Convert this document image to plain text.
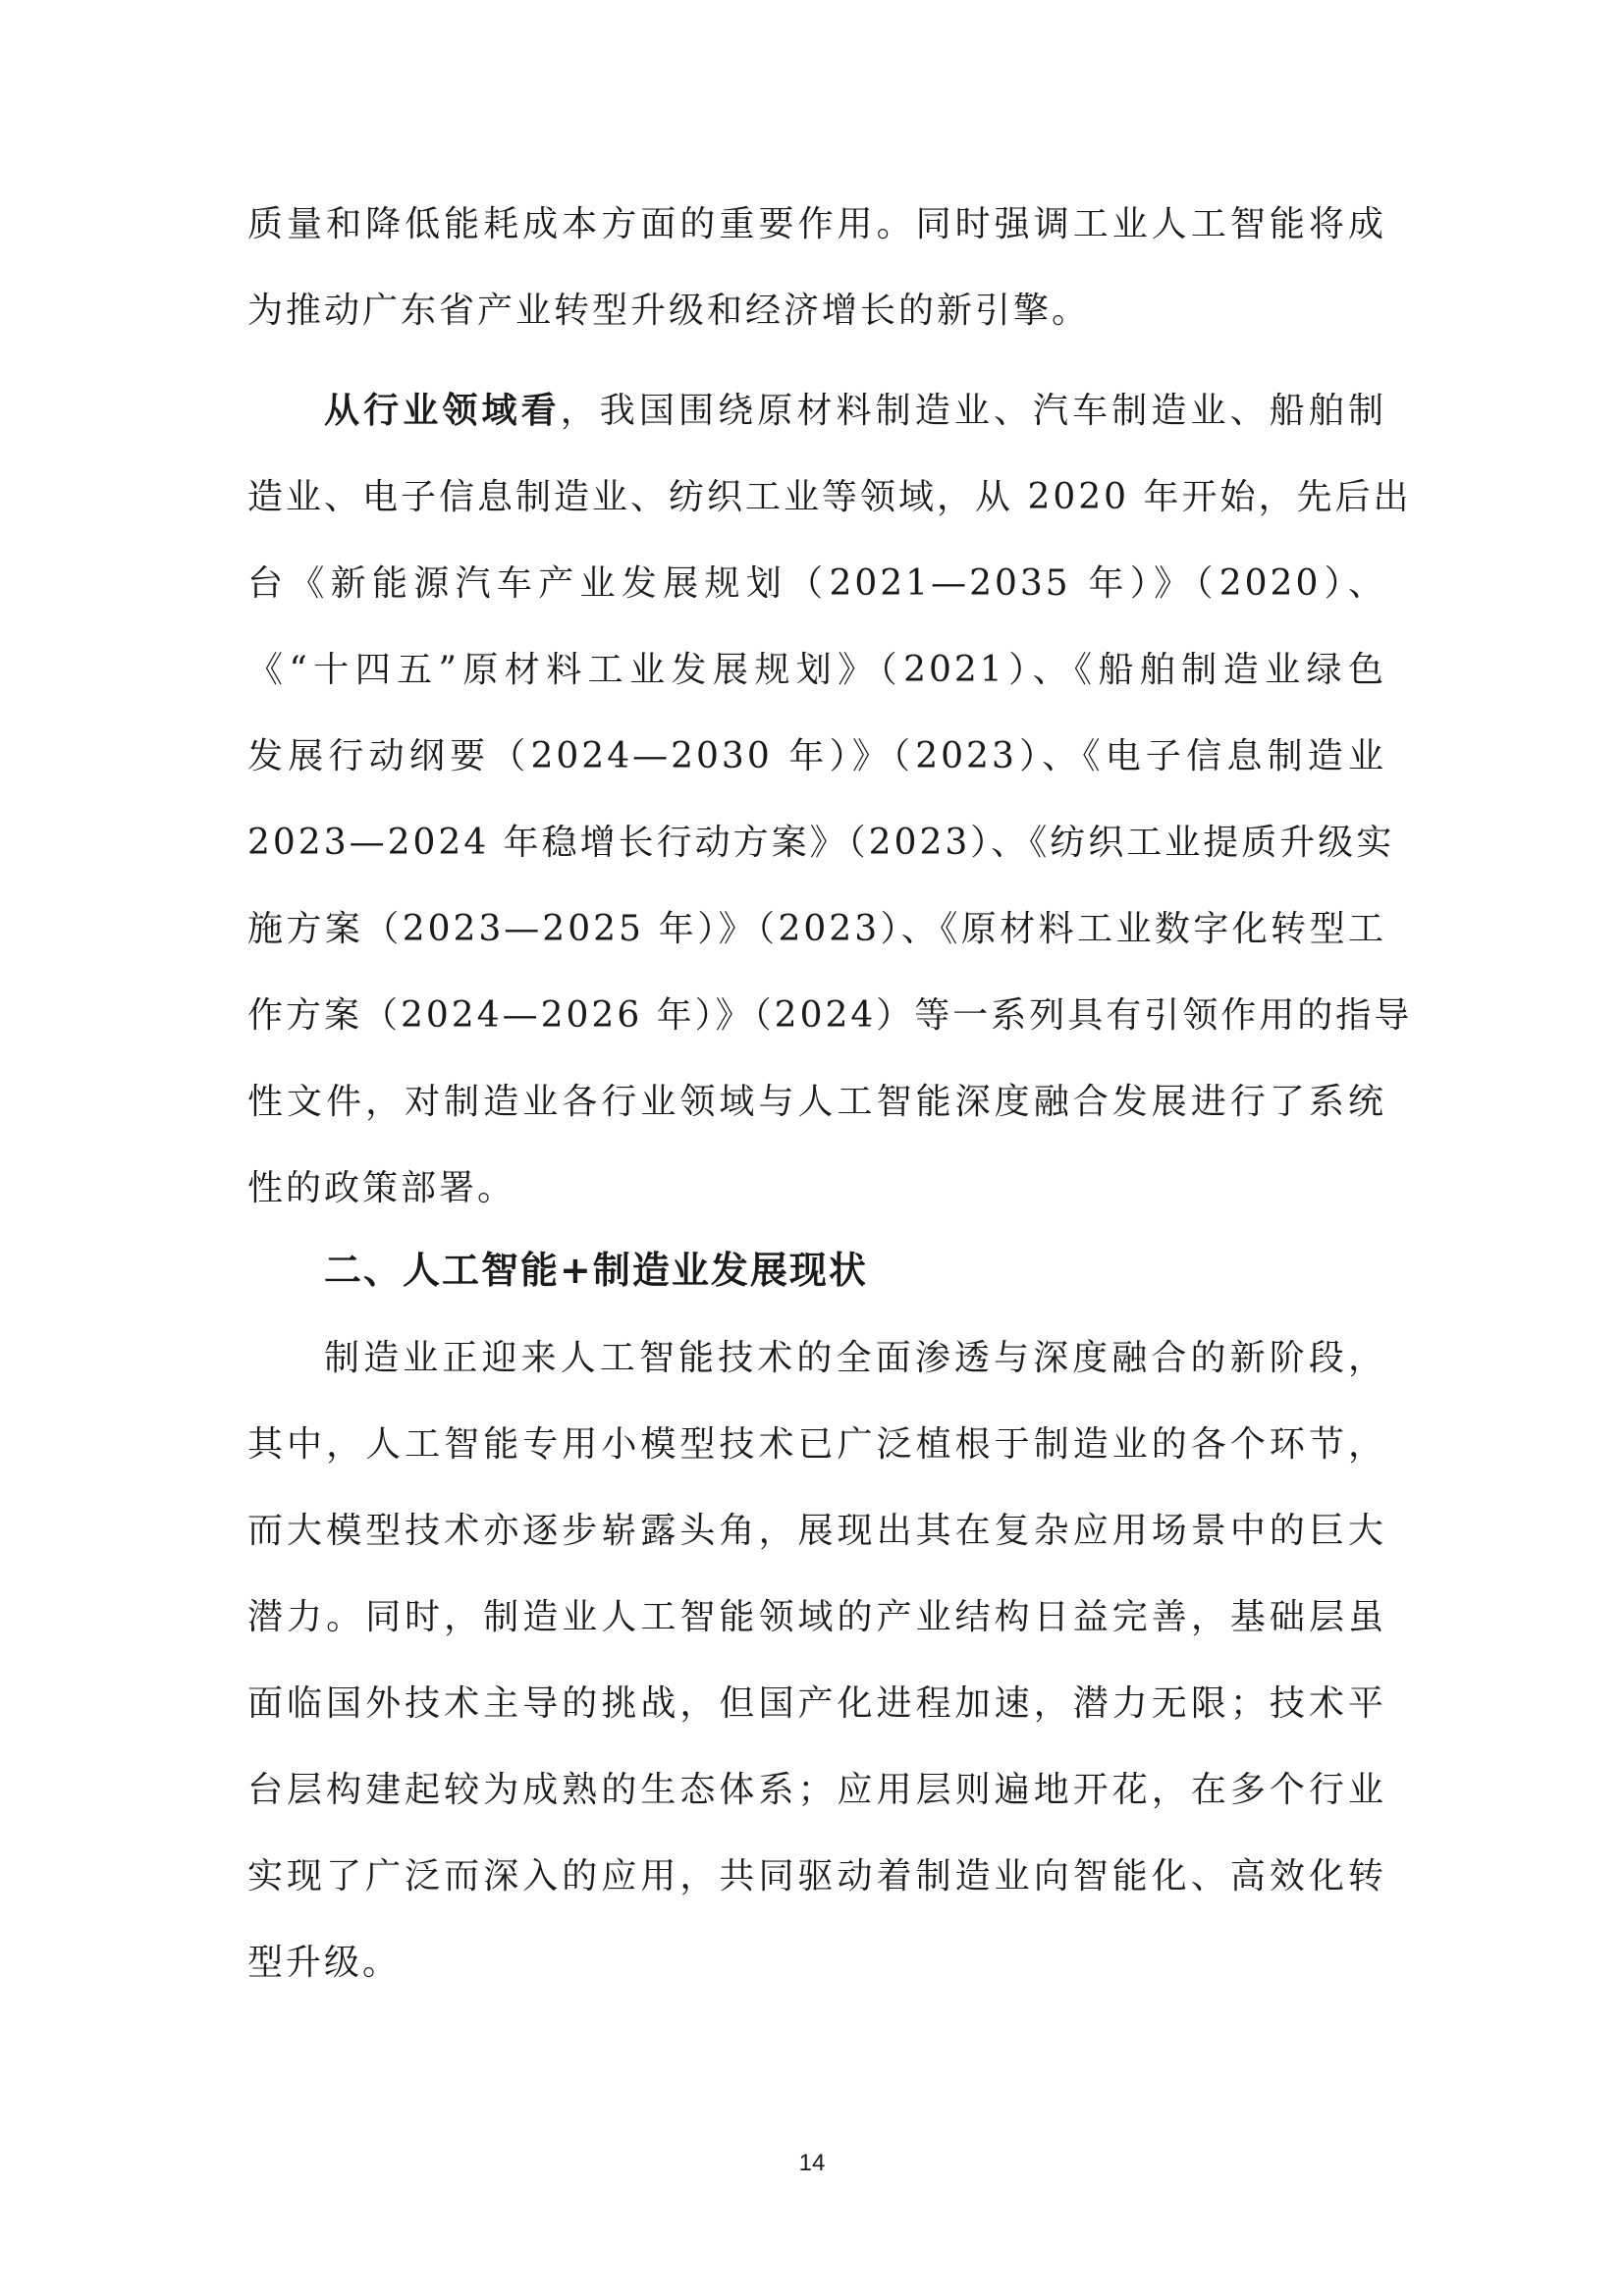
质量和降低能耗成本方面的重要作用。同时强调工业人工智能将成
为推动广东省产业转型升级和经济增长的新引擎。
从行业领域看，我国围绕原材料制造业、汽车制造业、船舶制
造业、电子信息制造业、纺织工业等领域，从 2020 年开始，先后出
台《新能源汽车产业发展规划（2021—2035 年）》（2020）、
《“十四五”原材料工业发展规划》（2021）、《船舶制造业绿色
发展行动纲要（2024—2030 年）》（2023）、《电子信息制造业
2023—2024 年稳增长行动方案》（2023）、《纺织工业提质升级实
施方案（2023—2025 年）》（2023）、《原材料工业数字化转型工
作方案（2024—2026 年）》（2024）等一系列具有引领作用的指导
性文件，对制造业各行业领域与人工智能深度融合发展进行了系统
性的政策部署。
二、人工智能+制造业发展现状
制造业正迎来人工智能技术的全面渗透与深度融合的新阶段，
其中，人工智能专用小模型技术已广泛植根于制造业的各个环节，
而大模型技术亦逐步崭露头角，展现出其在复杂应用场景中的巨大
潜力。同时，制造业人工智能领域的产业结构日益完善，基础层虽
面临国外技术主导的挑战，但国产化进程加速，潜力无限；技术平
台层构建起较为成熟的生态体系；应用层则遍地开花，在多个行业
实现了广泛而深入的应用，共同驱动着制造业向智能化、高效化转
型升级。
14
